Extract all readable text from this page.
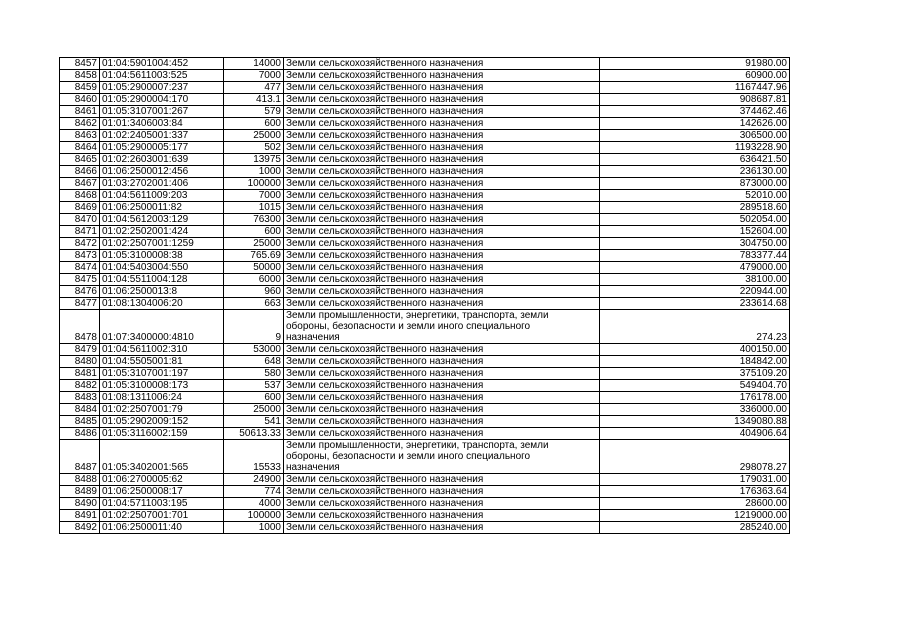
8457	01:04:5901004:452	14000	Земли сельскохозяйственного назначения	91980.00
8458	01:04:5611003:525	7000	Земли сельскохозяйственного назначения	60900.00
8459	01:05:2900007:237	477	Земли сельскохозяйственного назначения	1167447.96
8460	01:05:2900004:170	413.1	Земли сельскохозяйственного назначения	908687.81
8461	01:05:3107001:267	579	Земли сельскохозяйственного назначения	374462.46
8462	01:01:3406003:84	600	Земли сельскохозяйственного назначения	142626.00
8463	01:02:2405001:337	25000	Земли сельскохозяйственного назначения	306500.00
8464	01:05:2900005:177	502	Земли сельскохозяйственного назначения	1193228.90
8465	01:02:2603001:639	13975	Земли сельскохозяйственного назначения	636421.50
8466	01:06:2500012:456	1000	Земли сельскохозяйственного назначения	236130.00
8467	01:03:2702001:406	100000	Земли сельскохозяйственного назначения	873000.00
8468	01:04:5611009:203	7000	Земли сельскохозяйственного назначения	52010.00
8469	01:06:2500011:82	1015	Земли сельскохозяйственного назначения	289518.60
8470	01:04:5612003:129	76300	Земли сельскохозяйственного назначения	502054.00
8471	01:02:2502001:424	600	Земли сельскохозяйственного назначения	152604.00
8472	01:02:2507001:1259	25000	Земли сельскохозяйственного назначения	304750.00
8473	01:05:3100008:38	765.69	Земли сельскохозяйственного назначения	783377.44
8474	01:04:5403004:550	50000	Земли сельскохозяйственного назначения	479000.00
8475	01:04:5511004:128	6000	Земли сельскохозяйственного назначения	38100.00
8476	01:06:2500013:8	960	Земли сельскохозяйственного назначения	220944.00
8477	01:08:1304006:20	663	Земли сельскохозяйственного назначения	233614.68
8478	01:07:3400000:4810	9	Земли промышленности, энергетики, транспорта, земли
обороны, безопасности и земли иного специального
назначения	274.23
8479	01:04:5611002:310	53000	Земли сельскохозяйственного назначения	400150.00
8480	01:04:5505001:81	648	Земли сельскохозяйственного назначения	184842.00
8481	01:05:3107001:197	580	Земли сельскохозяйственного назначения	375109.20
8482	01:05:3100008:173	537	Земли сельскохозяйственного назначения	549404.70
8483	01:08:1311006:24	600	Земли сельскохозяйственного назначения	176178.00
8484	01:02:2507001:79	25000	Земли сельскохозяйственного назначения	336000.00
8485	01:05:2902009:152	541	Земли сельскохозяйственного назначения	1349080.88
8486	01:05:3116002:159	50613.33	Земли сельскохозяйственного назначения	404906.64
8487	01:05:3402001:565	15533	Земли промышленности, энергетики, транспорта, земли
обороны, безопасности и земли иного специального
назначения	298078.27
8488	01:06:2700005:62	24900	Земли сельскохозяйственного назначения	179031.00
8489	01:06:2500008:17	774	Земли сельскохозяйственного назначения	176363.64
8490	01:04:5711003:195	4000	Земли сельскохозяйственного назначения	28600.00
8491	01:02:2507001:701	100000	Земли сельскохозяйственного назначения	1219000.00
8492	01:06:2500011:40	1000	Земли сельскохозяйственного назначения	285240.00
